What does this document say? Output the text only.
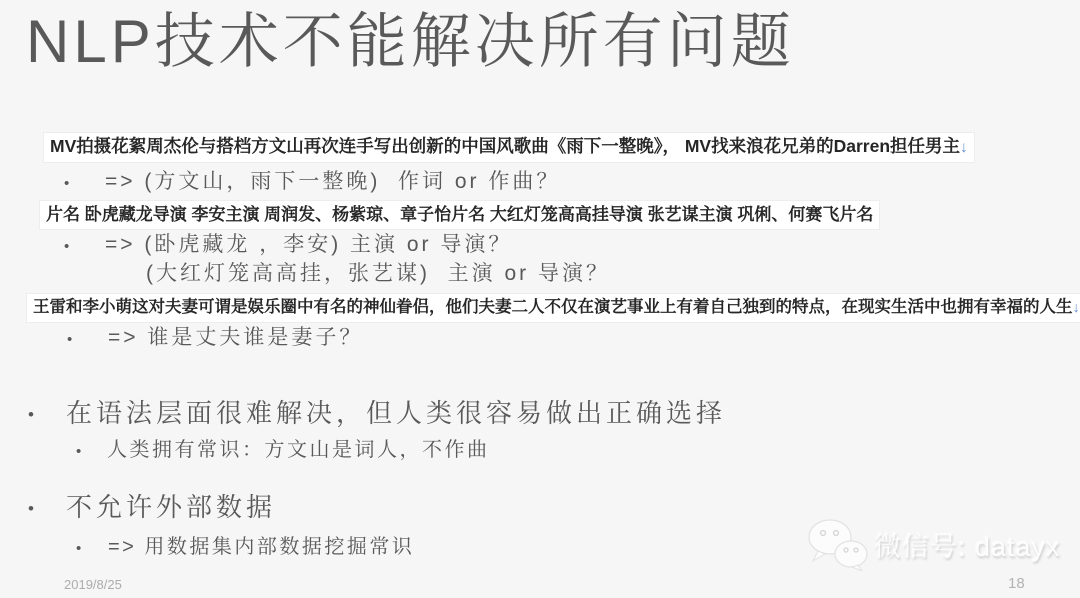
NLP技术不能解决所有问题
MV拍摄花絮周杰伦与搭档方文山再次连手写出创新的中国风歌曲《雨下一整晚》， MV找来浪花兄弟的Darren担任男主↓
• => (方文山，雨下一整晚)  作词 or 作曲？
片名 卧虎藏龙导演 李安主演 周润发、杨紫琼、章子怡片名 大红灯笼高高挂导演 张艺谋主演 巩俐、何赛飞片名
• => (卧虎藏龙 ，李安) 主演 or 导演？
(大红灯笼高高挂，张艺谋)  主演 or 导演？
王雷和李小萌这对夫妻可谓是娱乐圈中有名的神仙眷侣，他们夫妻二人不仅在演艺事业上有着自己独到的特点，在现实生活中也拥有幸福的人生↓
• => 谁是丈夫谁是妻子？
• 在语法层面很难解决，但人类很容易做出正确选择
• 人类拥有常识：方文山是词人，不作曲
• 不允许外部数据
• => 用数据集内部数据挖掘常识
2019/8/25	18
微信号: datayx
